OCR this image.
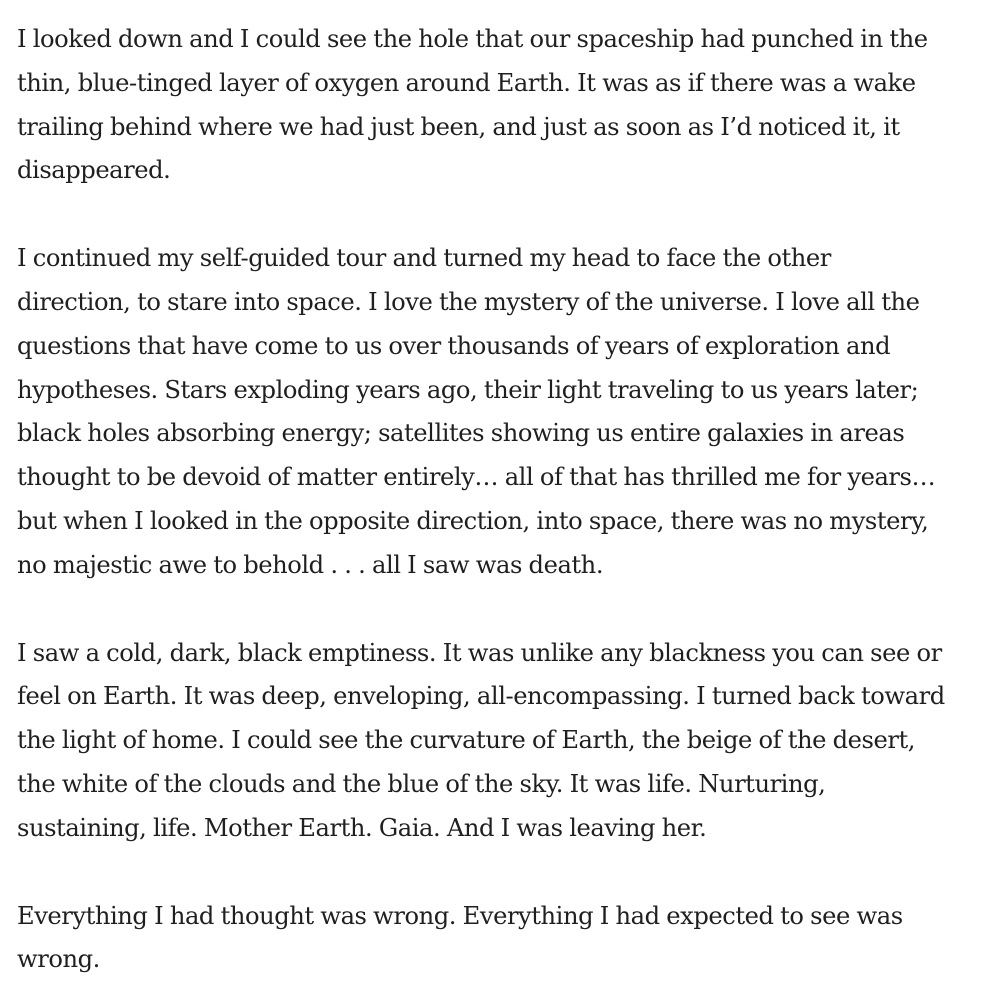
I looked down and I could see the hole that our spaceship had punched in the thin, blue-tinged layer of oxygen around Earth. It was as if there was a wake trailing behind where we had just been, and just as soon as I’d noticed it, it disappeared.

I continued my self-guided tour and turned my head to face the other direction, to stare into space. I love the mystery of the universe. I love all the questions that have come to us over thousands of years of exploration and hypotheses. Stars exploding years ago, their light traveling to us years later; black holes absorbing energy; satellites showing us entire galaxies in areas thought to be devoid of matter entirely… all of that has thrilled me for years… but when I looked in the opposite direction, into space, there was no mystery, no majestic awe to behold . . . all I saw was death.

I saw a cold, dark, black emptiness. It was unlike any blackness you can see or feel on Earth. It was deep, enveloping, all-encompassing. I turned back toward the light of home. I could see the curvature of Earth, the beige of the desert, the white of the clouds and the blue of the sky. It was life. Nurturing, sustaining, life. Mother Earth. Gaia. And I was leaving her.

Everything I had thought was wrong. Everything I had expected to see was wrong.
